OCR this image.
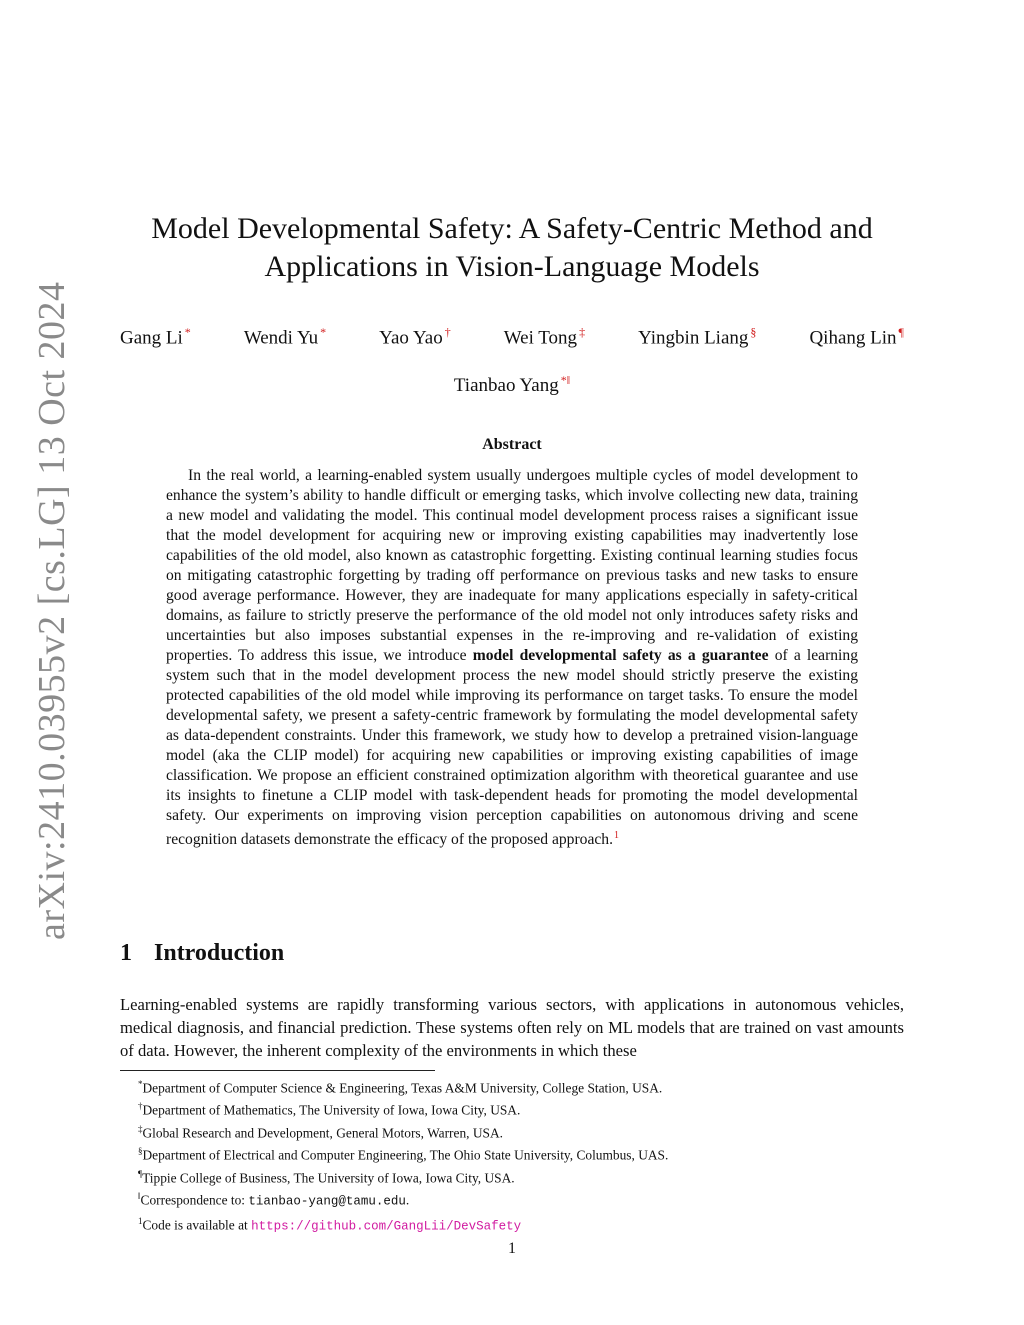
arXiv:2410.03955v2 [cs.LG] 13 Oct 2024
Model Developmental Safety: A Safety-Centric Method and
Applications in Vision-Language Models
Gang Li *	Wendi Yu *	Yao Yao †	Wei Tong ‡	Yingbin Liang §	Qihang Lin ¶
Tianbao Yang *‖
Abstract

In the real world, a learning-enabled system usually undergoes multiple cycles of model development to enhance the system’s ability to handle difficult or emerging tasks, which involve collecting new data, training a new model and validating the model. This continual model development process raises a significant issue that the model development for acquiring new or improving existing capabilities may inadvertently lose capabilities of the old model, also known as catastrophic forgetting. Existing continual learning studies focus on mitigating catastrophic forgetting by trading off performance on previous tasks and new tasks to ensure good average performance. However, they are inadequate for many applications especially in safety-critical domains, as failure to strictly preserve the performance of the old model not only introduces safety risks and uncertainties but also imposes substantial expenses in the re-improving and re-validation of existing properties. To address this issue, we introduce model developmental safety as a guarantee of a learning system such that in the model development process the new model should strictly preserve the existing protected capabilities of the old model while improving its performance on target tasks. To ensure the model developmental safety, we present a safety-centric framework by formulating the model developmental safety as data-dependent constraints. Under this framework, we study how to develop a pretrained vision-language model (aka the CLIP model) for acquiring new capabilities or improving existing capabilities of image classification. We propose an efficient constrained optimization algorithm with theoretical guarantee and use its insights to finetune a CLIP model with task-dependent heads for promoting the model developmental safety. Our experiments on improving vision perception capabilities on autonomous driving and scene recognition datasets demonstrate the efficacy of the proposed approach.$^1$

1 Introduction

Learning-enabled systems are rapidly transforming various sectors, with applications in autonomous vehicles, medical diagnosis, and financial prediction. These systems often rely on ML models that are trained on vast amounts of data. However, the inherent complexity of the environments in which these

*Department of Computer Science & Engineering, Texas A&M University, College Station, USA.
†Department of Mathematics, The University of Iowa, Iowa City, USA.
‡Global Research and Development, General Motors, Warren, USA.
§Department of Electrical and Computer Engineering, The Ohio State University, Columbus, UAS.
¶Tippie College of Business, The University of Iowa, Iowa City, USA.
‖Correspondence to: tianbao-yang@tamu.edu.
$^1$Code is available at https://github.com/GangLii/DevSafety
1
